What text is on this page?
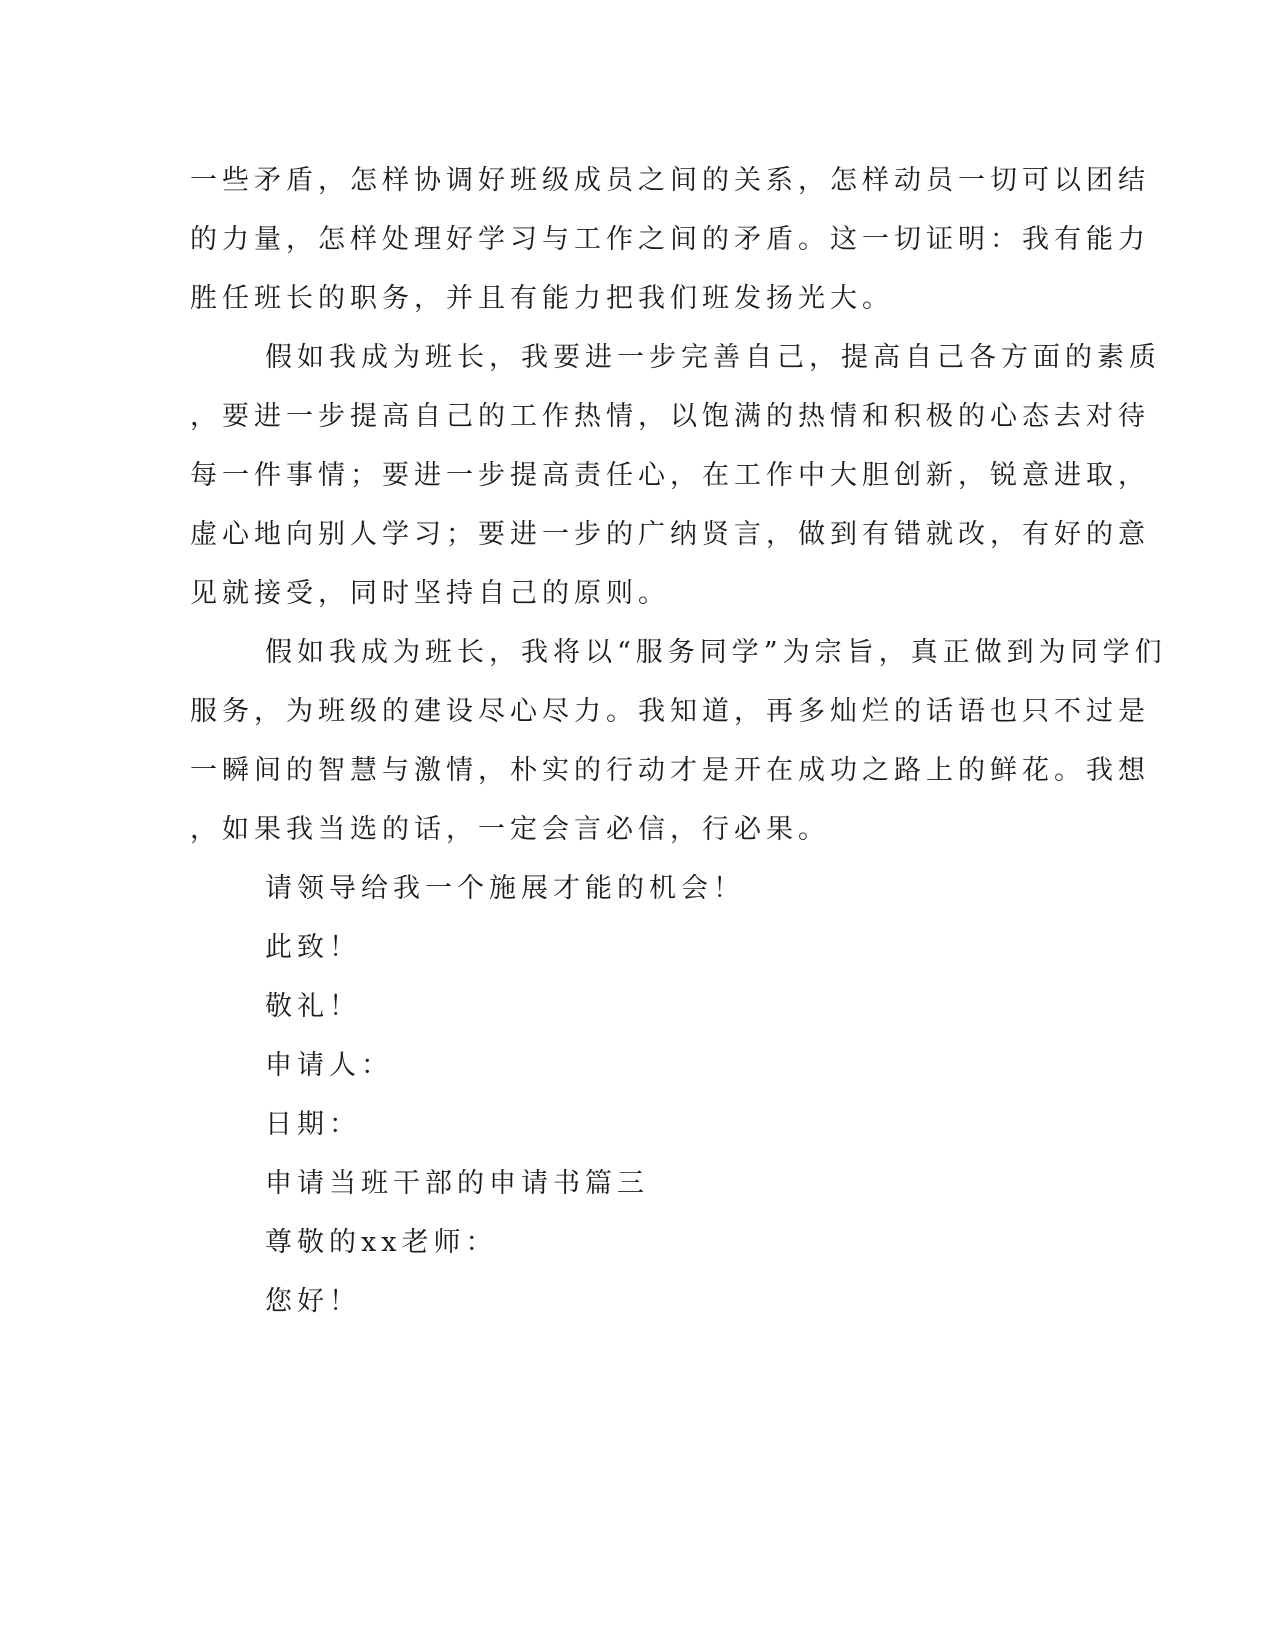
一些矛盾，怎样协调好班级成员之间的关系，怎样动员一切可以团结
的力量，怎样处理好学习与工作之间的矛盾。这一切证明：我有能力
胜任班长的职务，并且有能力把我们班发扬光大。
假如我成为班长，我要进一步完善自己，提高自己各方面的素质
，要进一步提高自己的工作热情，以饱满的热情和积极的心态去对待
每一件事情；要进一步提高责任心，在工作中大胆创新，锐意进取，
虚心地向别人学习；要进一步的广纳贤言，做到有错就改，有好的意
见就接受，同时坚持自己的原则。
假如我成为班长，我将以“服务同学”为宗旨，真正做到为同学们
服务，为班级的建设尽心尽力。我知道，再多灿烂的话语也只不过是
一瞬间的智慧与激情，朴实的行动才是开在成功之路上的鲜花。我想
，如果我当选的话，一定会言必信，行必果。
请领导给我一个施展才能的机会！
此致！
敬礼！
申请人：
日期：
申请当班干部的申请书篇三
尊敬的xx老师：
您好！
